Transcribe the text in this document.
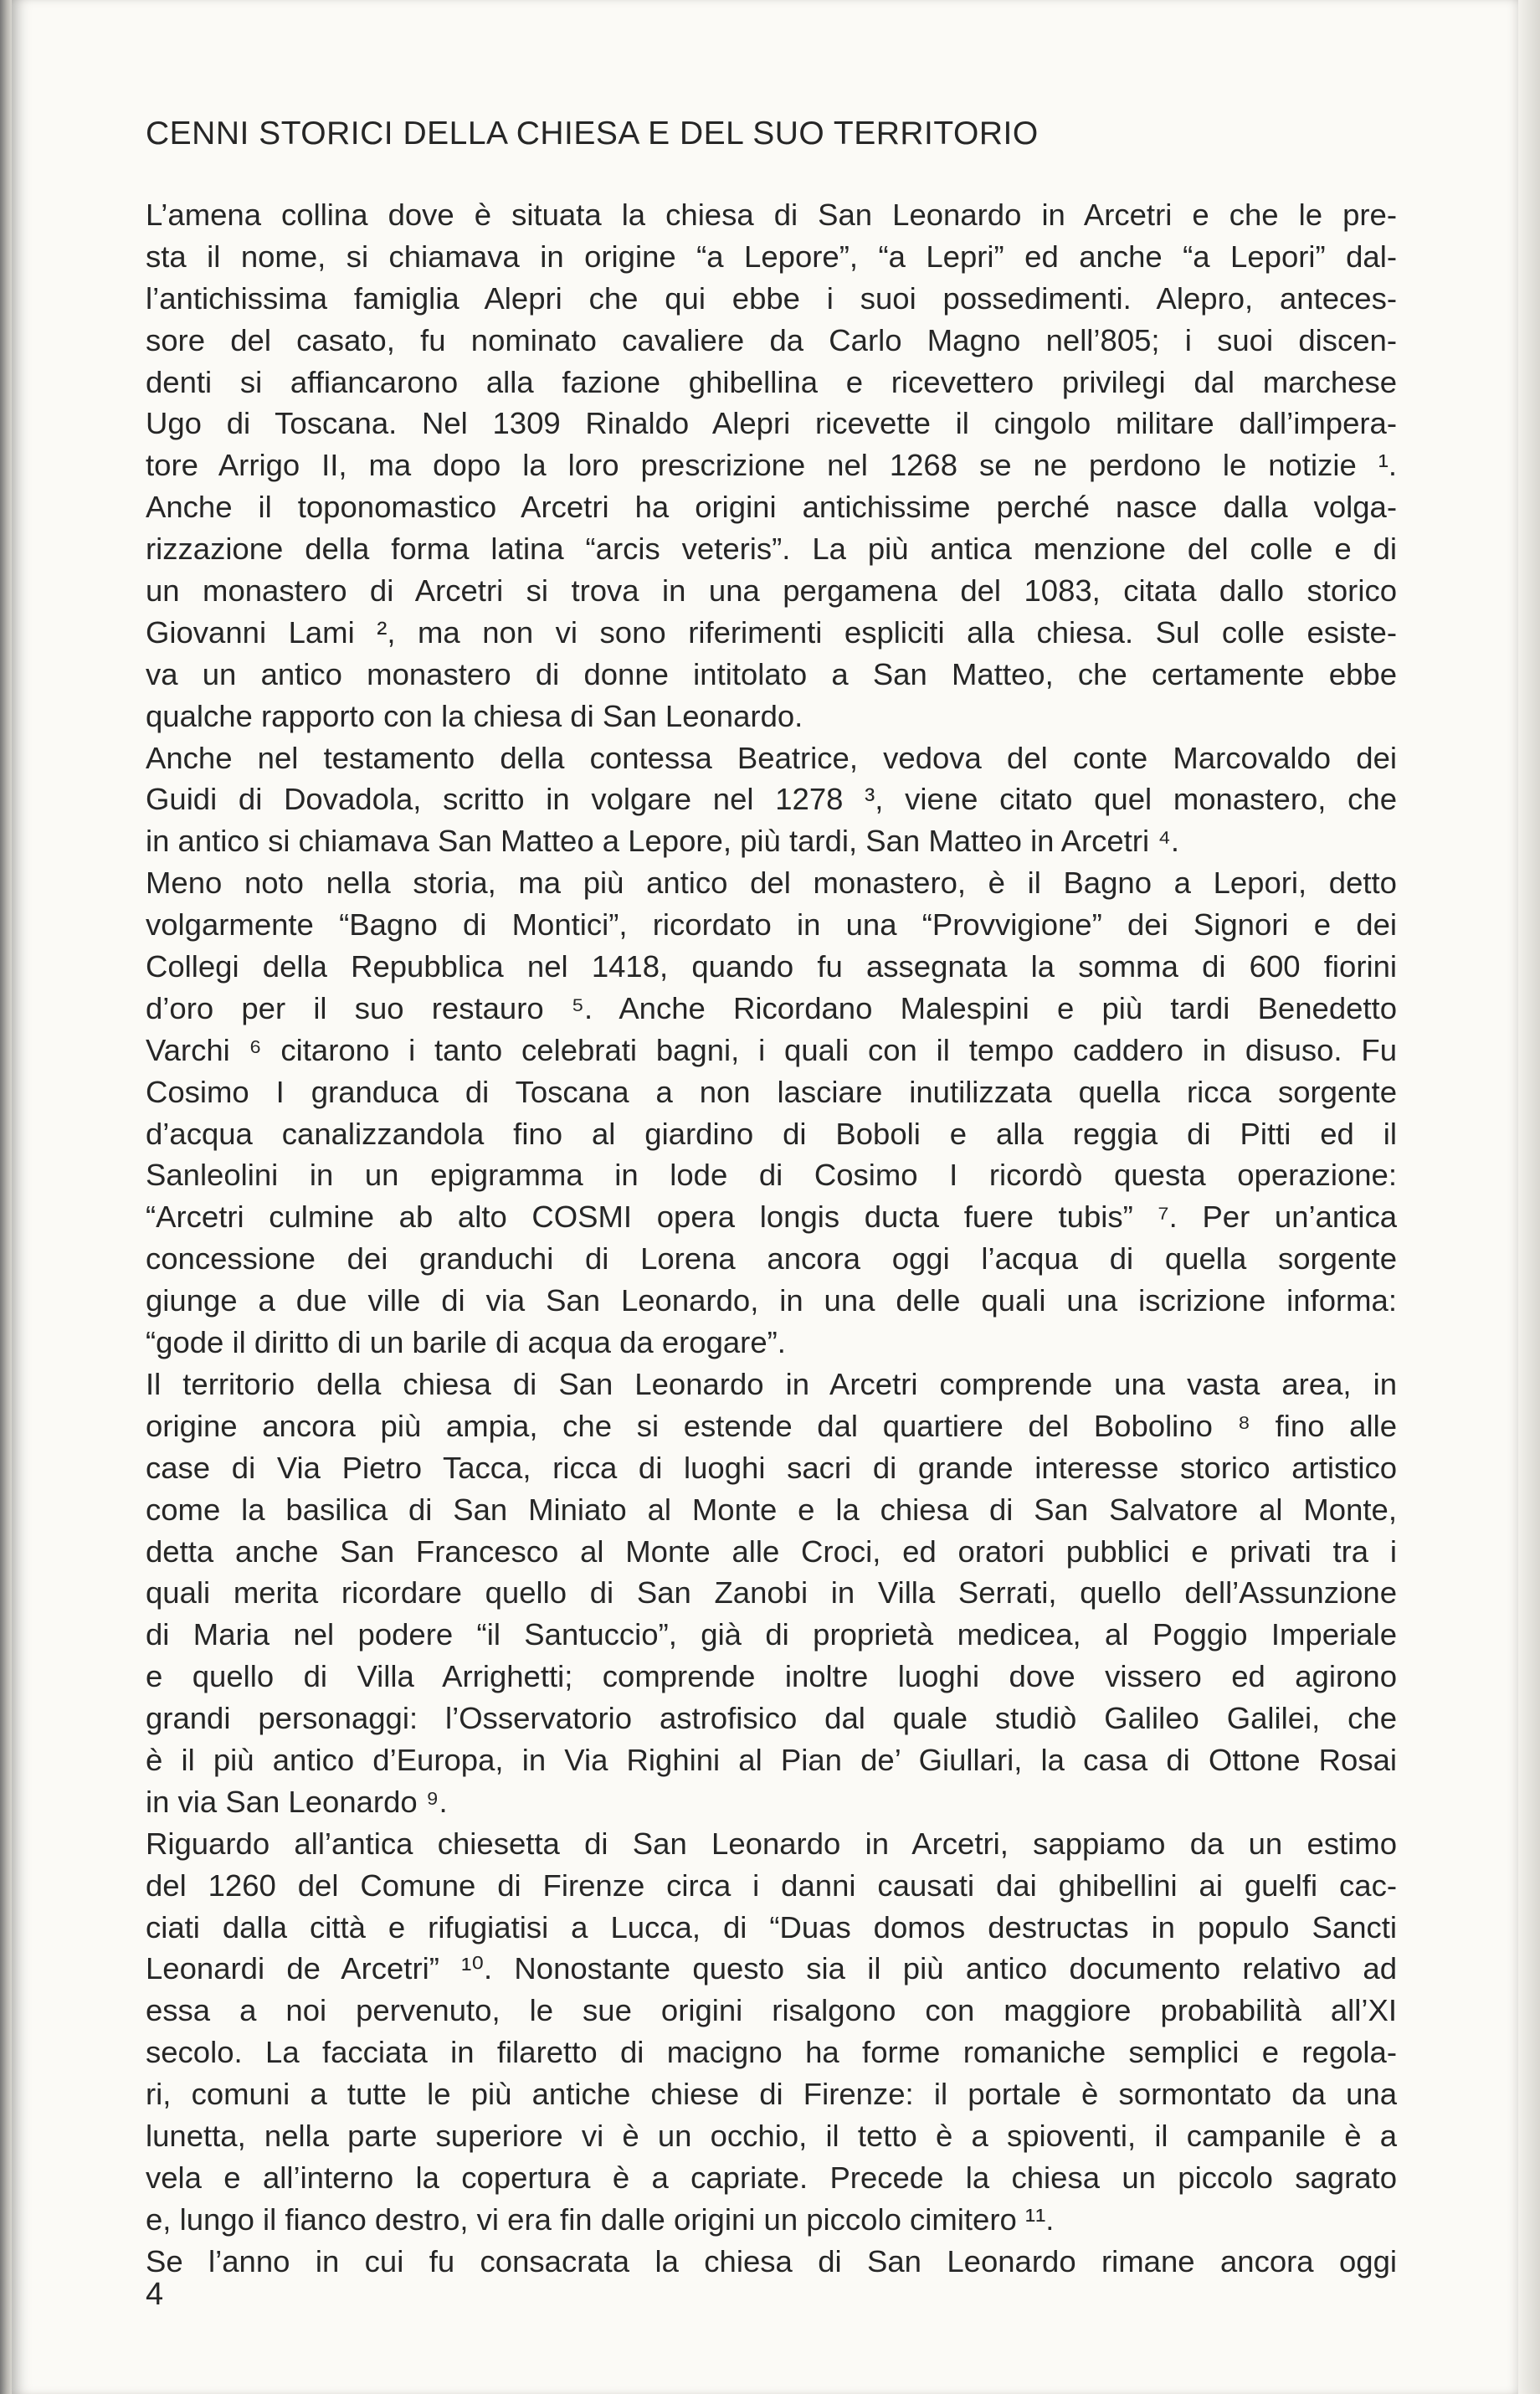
CENNI STORICI DELLA CHIESA E DEL SUO TERRITORIO
L’amena collina dove è situata la chiesa di San Leonardo in Arcetri e che le pre-
sta il nome, si chiamava in origine “a Lepore”, “a Lepri” ed anche “a Lepori” dal-
l’antichissima famiglia Alepri che qui ebbe i suoi possedimenti. Alepro, anteces-
sore del casato, fu nominato cavaliere da Carlo Magno nell’805; i suoi discen-
denti si affiancarono alla fazione ghibellina e ricevettero privilegi dal marchese
Ugo di Toscana. Nel 1309 Rinaldo Alepri ricevette il cingolo militare dall’impera-
tore Arrigo II, ma dopo la loro prescrizione nel 1268 se ne perdono le notizie ¹.
Anche il toponomastico Arcetri ha origini antichissime perché nasce dalla volga-
rizzazione della forma latina “arcis veteris”. La più antica menzione del colle e di
un monastero di Arcetri si trova in una pergamena del 1083, citata dallo storico
Giovanni Lami ², ma non vi sono riferimenti espliciti alla chiesa. Sul colle esiste-
va un antico monastero di donne intitolato a San Matteo, che certamente ebbe
qualche rapporto con la chiesa di San Leonardo.
Anche nel testamento della contessa Beatrice, vedova del conte Marcovaldo dei
Guidi di Dovadola, scritto in volgare nel 1278 ³, viene citato quel monastero, che
in antico si chiamava San Matteo a Lepore, più tardi, San Matteo in Arcetri ⁴.
Meno noto nella storia, ma più antico del monastero, è il Bagno a Lepori, detto
volgarmente “Bagno di Montici”, ricordato in una “Provvigione” dei Signori e dei
Collegi della Repubblica nel 1418, quando fu assegnata la somma di 600 fiorini
d’oro per il suo restauro ⁵. Anche Ricordano Malespini e più tardi Benedetto
Varchi ⁶ citarono i tanto celebrati bagni, i quali con il tempo caddero in disuso. Fu
Cosimo I granduca di Toscana a non lasciare inutilizzata quella ricca sorgente
d’acqua canalizzandola fino al giardino di Boboli e alla reggia di Pitti ed il
Sanleolini in un epigramma in lode di Cosimo I ricordò questa operazione:
“Arcetri culmine ab alto COSMI opera longis ducta fuere tubis” ⁷. Per un’antica
concessione dei granduchi di Lorena ancora oggi l’acqua di quella sorgente
giunge a due ville di via San Leonardo, in una delle quali una iscrizione informa:
“gode il diritto di un barile di acqua da erogare”.
Il territorio della chiesa di San Leonardo in Arcetri comprende una vasta area, in
origine ancora più ampia, che si estende dal quartiere del Bobolino ⁸ fino alle
case di Via Pietro Tacca, ricca di luoghi sacri di grande interesse storico artistico
come la basilica di San Miniato al Monte e la chiesa di San Salvatore al Monte,
detta anche San Francesco al Monte alle Croci, ed oratori pubblici e privati tra i
quali merita ricordare quello di San Zanobi in Villa Serrati, quello dell’Assunzione
di Maria nel podere “il Santuccio”, già di proprietà medicea, al Poggio Imperiale
e quello di Villa Arrighetti; comprende inoltre luoghi dove vissero ed agirono
grandi personaggi: l’Osservatorio astrofisico dal quale studiò Galileo Galilei, che
è il più antico d’Europa, in Via Righini al Pian de’ Giullari, la casa di Ottone Rosai
in via San Leonardo ⁹.
Riguardo all’antica chiesetta di San Leonardo in Arcetri, sappiamo da un estimo
del 1260 del Comune di Firenze circa i danni causati dai ghibellini ai guelfi cac-
ciati dalla città e rifugiatisi a Lucca, di “Duas domos destructas in populo Sancti
Leonardi de Arcetri” ¹⁰. Nonostante questo sia il più antico documento relativo ad
essa a noi pervenuto, le sue origini risalgono con maggiore probabilità all’XI
secolo. La facciata in filaretto di macigno ha forme romaniche semplici e regola-
ri, comuni a tutte le più antiche chiese di Firenze: il portale è sormontato da una
lunetta, nella parte superiore vi è un occhio, il tetto è a spioventi, il campanile è a
vela e all’interno la copertura è a capriate. Precede la chiesa un piccolo sagrato
e, lungo il fianco destro, vi era fin dalle origini un piccolo cimitero ¹¹.
Se l’anno in cui fu consacrata la chiesa di San Leonardo rimane ancora oggi
4
